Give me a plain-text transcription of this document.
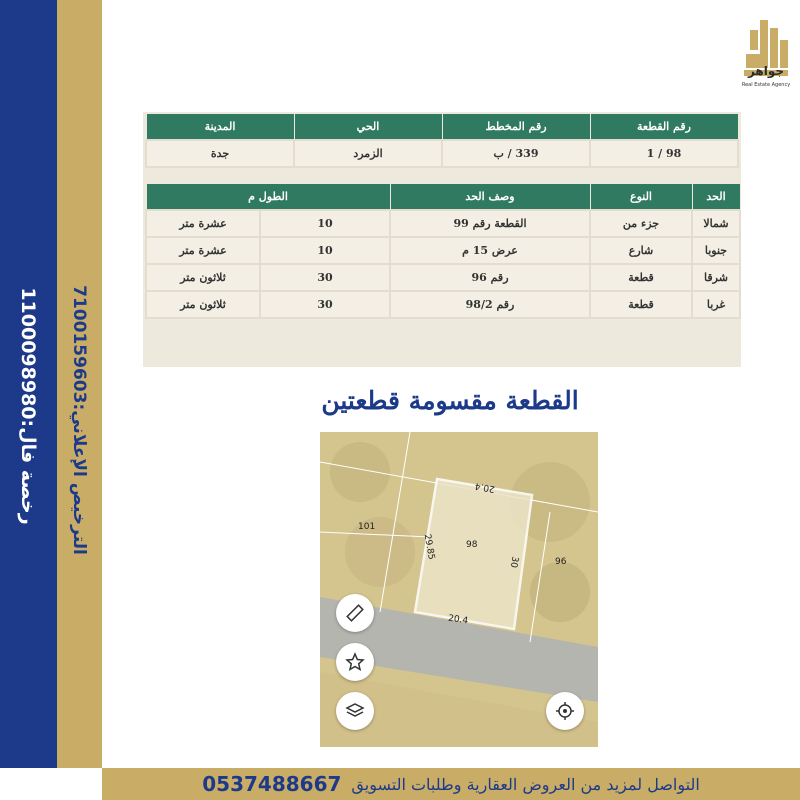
رخصة فال:1100098980
الترخيص الإعلاني:7100159603
جواهر
Real Estate Agency
رقم القطعة	رقم المخطط	الحي	المدينة
98 / 1	339 / ب	الزمرد	جدة
الحد	النوع	وصف الحد	الطول م	
شمالا	جزء من	القطعة رقم 99	10	عشرة متر
جنوبا	شارع	عرض 15 م	10	عشرة متر
شرقا	قطعة	رقم 96	30	ثلاثون متر
غربا	قطعة	رقم 98/2	30	ثلاثون متر
القطعة مقسومة قطعتين
101
98
96
20.4
29.85
30
20.4
التواصل لمزيد من العروض العقارية وطلبات التسويق
0537488667
